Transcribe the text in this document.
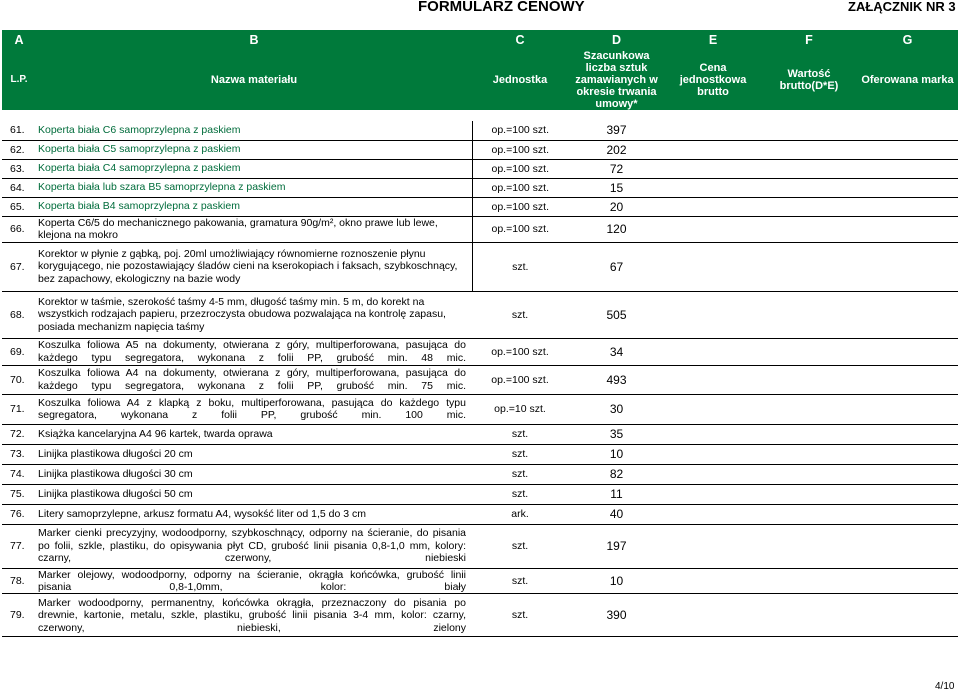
FORMULARZ CENOWY	ZAŁĄCZNIK NR 3
A	B	C	D	E	F	G
L.P.	Nazwa materiału	Jednostka	Szacunkowa liczba sztuk zamawianych w okresie trwania umowy*	Cena jednostkowa brutto	Wartość brutto(D*E)	Oferowana marka

61.	Koperta biała C6 samoprzylepna z paskiem	op.=100 szt.	397			
62.	Koperta biała C5 samoprzylepna z paskiem	op.=100 szt.	202			
63.	Koperta biała C4 samoprzylepna z paskiem	op.=100 szt.	72			
64.	Koperta biała lub szara B5 samoprzylepna z paskiem	op.=100 szt.	15			
65.	Koperta biała B4 samoprzylepna z paskiem	op.=100 szt.	20			
66.	Koperta C6/5 do mechanicznego pakowania, gramatura 90g/m², okno prawe lub lewe, klejona na mokro	op.=100 szt.	120			
67.	Korektor w płynie z gąbką, poj. 20ml umożliwiający równomierne roznoszenie płynu korygującego, nie pozostawiający śladów cieni na kserokopiach i faksach, szybkoschnący, bez zapachowy, ekologiczny na bazie wody	szt.	67			
68.	Korektor w taśmie, szerokość taśmy 4-5 mm, długość taśmy min. 5 m, do korekt na wszystkich rodzajach papieru, przezroczysta obudowa pozwalająca na kontrolę zapasu, posiada mechanizm napięcia taśmy	szt.	505			
69.	Koszulka foliowa A5 na dokumenty, otwierana z góry, multiperforowana, pasująca do każdego typu segregatora, wykonana z folii PP, grubość min. 48 mic.	op.=100 szt.	34			
70.	Koszulka foliowa A4 na dokumenty, otwierana z góry, multiperforowana, pasująca do każdego typu segregatora, wykonana z folii PP, grubość min. 75 mic.	op.=100 szt.	493			
71.	Koszulka foliowa A4 z klapką z boku, multiperforowana, pasująca do każdego typu segregatora, wykonana z folii PP, grubość min. 100 mic.	op.=10 szt.	30			
72.	Książka kancelaryjna A4 96 kartek, twarda oprawa	szt.	35			
73.	Linijka plastikowa długości 20 cm	szt.	10			
74.	Linijka plastikowa długości 30 cm	szt.	82			
75.	Linijka plastikowa długości 50 cm	szt.	11			
76.	Litery samoprzylepne, arkusz formatu A4, wysokść liter od 1,5 do 3 cm	ark.	40			
77.	Marker cienki precyzyjny, wodoodporny, szybkoschnący, odporny na ścieranie, do pisania po folii, szkle, plastiku, do opisywania płyt CD, grubość linii pisania 0,8-1,0 mm, kolory: czarny, czerwony, niebieski	szt.	197			
78.	Marker olejowy, wodoodporny, odporny na ścieranie, okrągła końcówka, grubość linii pisania 0,8-1,0mm, kolor: biały	szt.	10			
79.	Marker wodoodporny, permanentny, końcówka okrągła, przeznaczony do pisania po drewnie, kartonie, metalu, szkle, plastiku, grubość linii pisania 3-4 mm, kolor: czarny, czerwony, niebieski, zielony	szt.	390			
4/10
